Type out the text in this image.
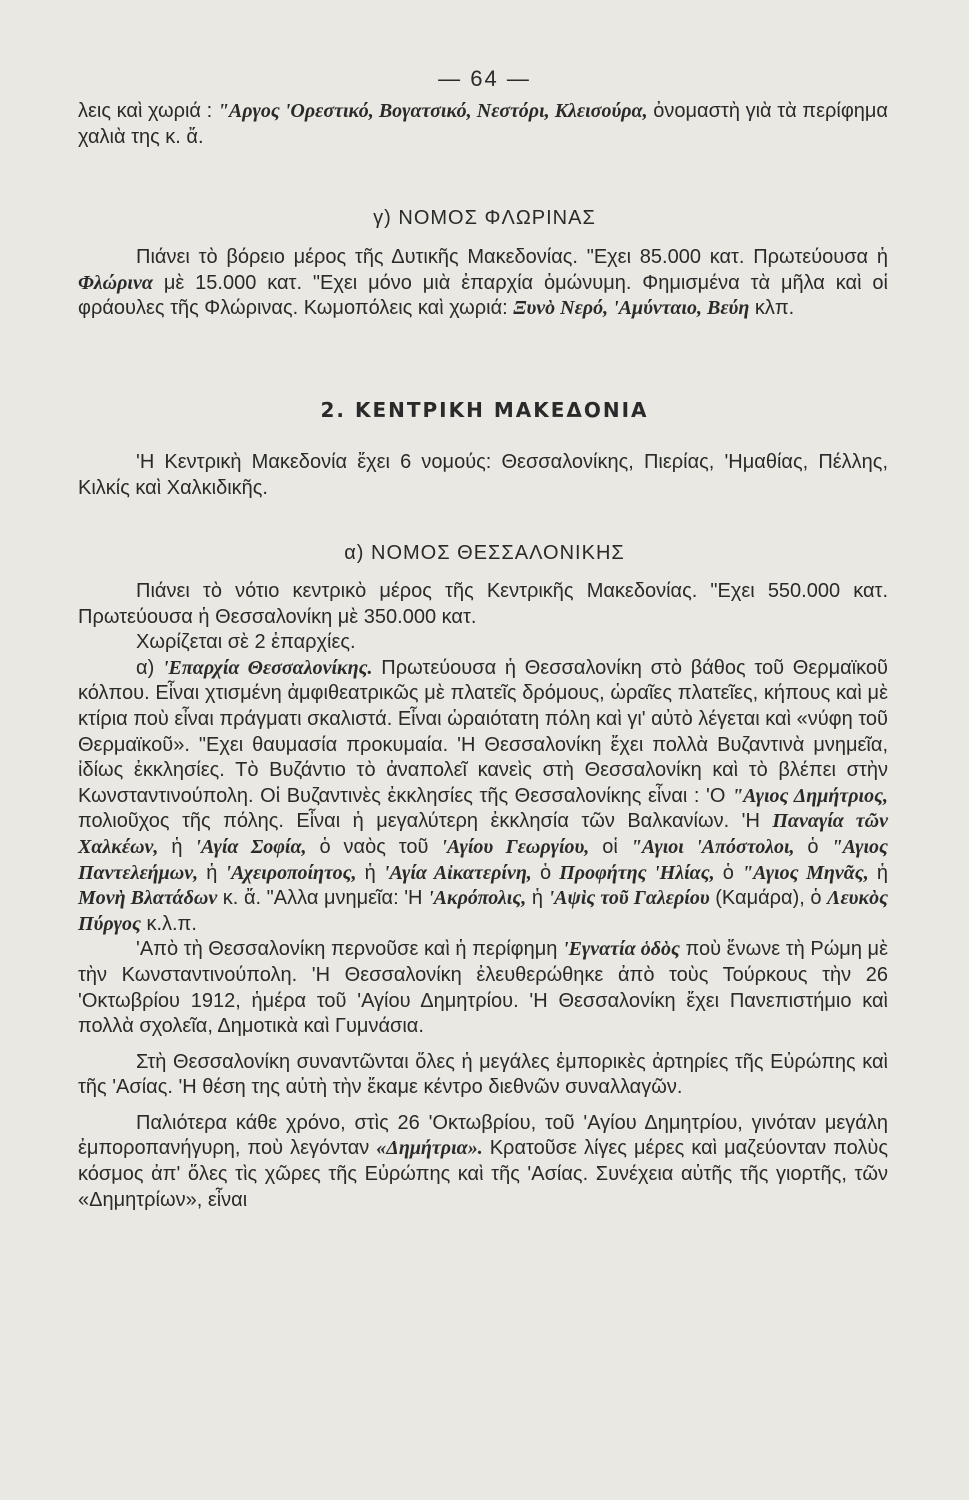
— 64 —

λεις καὶ χωριά : "Αργος 'Ορεστικό, Βογατσικό, Νεστόρι, Κλεισούρα, ὀνομαστὴ γιὰ τὰ περίφημα χαλιὰ της κ. ἄ.

γ) ΝΟΜΟΣ ΦΛΩΡΙΝΑΣ

Πιάνει τὸ βόρειο μέρος τῆς Δυτικῆς Μακεδονίας. "Εχει 85.000 κατ. Πρωτεύουσα ἡ Φλώρινα μὲ 15.000 κατ. "Εχει μόνο μιὰ ἐπαρχία ὁμώνυμη. Φημισμένα τὰ μῆλα καὶ οἱ φράουλες τῆς Φλώρινας. Κωμοπόλεις καὶ χωριά: Ξυνὸ Νερό, 'Αμύνταιο, Βεύη κλπ.

2. ΚΕΝΤΡΙΚΗ ΜΑΚΕΔΟΝΙΑ

'Η Κεντρικὴ Μακεδονία ἔχει 6 νομούς: Θεσσαλονίκης, Πιερίας, 'Ημαθίας, Πέλλης, Κιλκίς καὶ Χαλκιδικῆς.

α) ΝΟΜΟΣ ΘΕΣΣΑΛΟΝΙΚΗΣ

Πιάνει τὸ νότιο κεντρικὸ μέρος τῆς Κεντρικῆς Μακεδονίας. "Εχει 550.000 κατ. Πρωτεύουσα ἡ Θεσσαλονίκη μὲ 350.000 κατ.

Χωρίζεται σὲ 2 ἐπαρχίες.

α) 'Επαρχία Θεσσαλονίκης. Πρωτεύουσα ἡ Θεσσαλονίκη στὸ βάθος τοῦ Θερμαϊκοῦ κόλπου. Εἶναι χτισμένη ἀμφιθεατρικῶς μὲ πλατεῖς δρόμους, ὡραῖες πλατεῖες, κήπους καὶ μὲ κτίρια ποὺ εἶναι πράγματι σκαλιστά. Εἶναι ὡραιότατη πόλη καὶ γι' αὐτὸ λέγεται καὶ «νύφη τοῦ Θερμαϊκοῦ». "Εχει θαυμασία προκυμαία. 'Η Θεσσαλονίκη ἔχει πολλὰ Βυζαντινὰ μνημεῖα, ἰδίως ἐκκλησίες. Τὸ Βυζάντιο τὸ ἀναπολεῖ κανεὶς στὴ Θεσσαλονίκη καὶ τὸ βλέπει στὴν Κωνσταντινούπολη. Οἱ Βυζαντινὲς ἐκκλησίες τῆς Θεσσαλονίκης εἶναι : 'Ο "Αγιος Δημήτριος, πολιοῦχος τῆς πόλης. Εἶναι ἡ μεγαλύτερη ἐκκλησία τῶν Βαλκανίων. 'Η Παναγία τῶν Χαλκέων, ἡ 'Αγία Σοφία, ὁ ναὸς τοῦ 'Αγίου Γεωργίου, οἱ "Αγιοι 'Απόστολοι, ὁ "Αγιος Παντελεήμων, ἡ 'Αχειροποίητος, ἡ 'Αγία Αἰκατερίνη, ὁ Προφήτης 'Ηλίας, ὁ "Αγιος Μηνᾶς, ἡ Μονὴ Βλατάδων κ. ἄ. "Αλλα μνημεῖα: 'Η 'Ακρόπολις, ἡ 'Αψὶς τοῦ Γαλερίου (Καμάρα), ὁ Λευκὸς Πύργος κ.λ.π.

'Απὸ τὴ Θεσσαλονίκη περνοῦσε καὶ ἡ περίφημη 'Εγνατία ὁδὸς ποὺ ἕνωνε τὴ Ρώμη μὲ τὴν Κωνσταντινούπολη. 'Η Θεσσαλονίκη ἐλευθερώθηκε ἀπὸ τοὺς Τούρκους τὴν 26 'Οκτωβρίου 1912, ἡμέρα τοῦ 'Αγίου Δημητρίου. 'Η Θεσσαλονίκη ἔχει Πανεπιστήμιο καὶ πολλὰ σχολεῖα, Δημοτικὰ καὶ Γυμνάσια.

Στὴ Θεσσαλονίκη συναντῶνται ὅλες ἡ μεγάλες ἐμπορικὲς ἀρτηρίες τῆς Εὐρώπης καὶ τῆς 'Ασίας. 'Η θέση της αὐτὴ τὴν ἔκαμε κέντρο διεθνῶν συναλλαγῶν.

Παλιότερα κάθε χρόνο, στὶς 26 'Οκτωβρίου, τοῦ 'Αγίου Δημητρίου, γινόταν μεγάλη ἐμποροπανήγυρη, ποὺ λεγόνταν «Δημήτρια». Κρατοῦσε λίγες μέρες καὶ μαζεύονταν πολὺς κόσμος ἀπ' ὅλες τὶς χῶρες τῆς Εὐρώπης καὶ τῆς 'Ασίας. Συνέχεια αὐτῆς τῆς γιορτῆς, τῶν «Δημητρίων», εἶναι
